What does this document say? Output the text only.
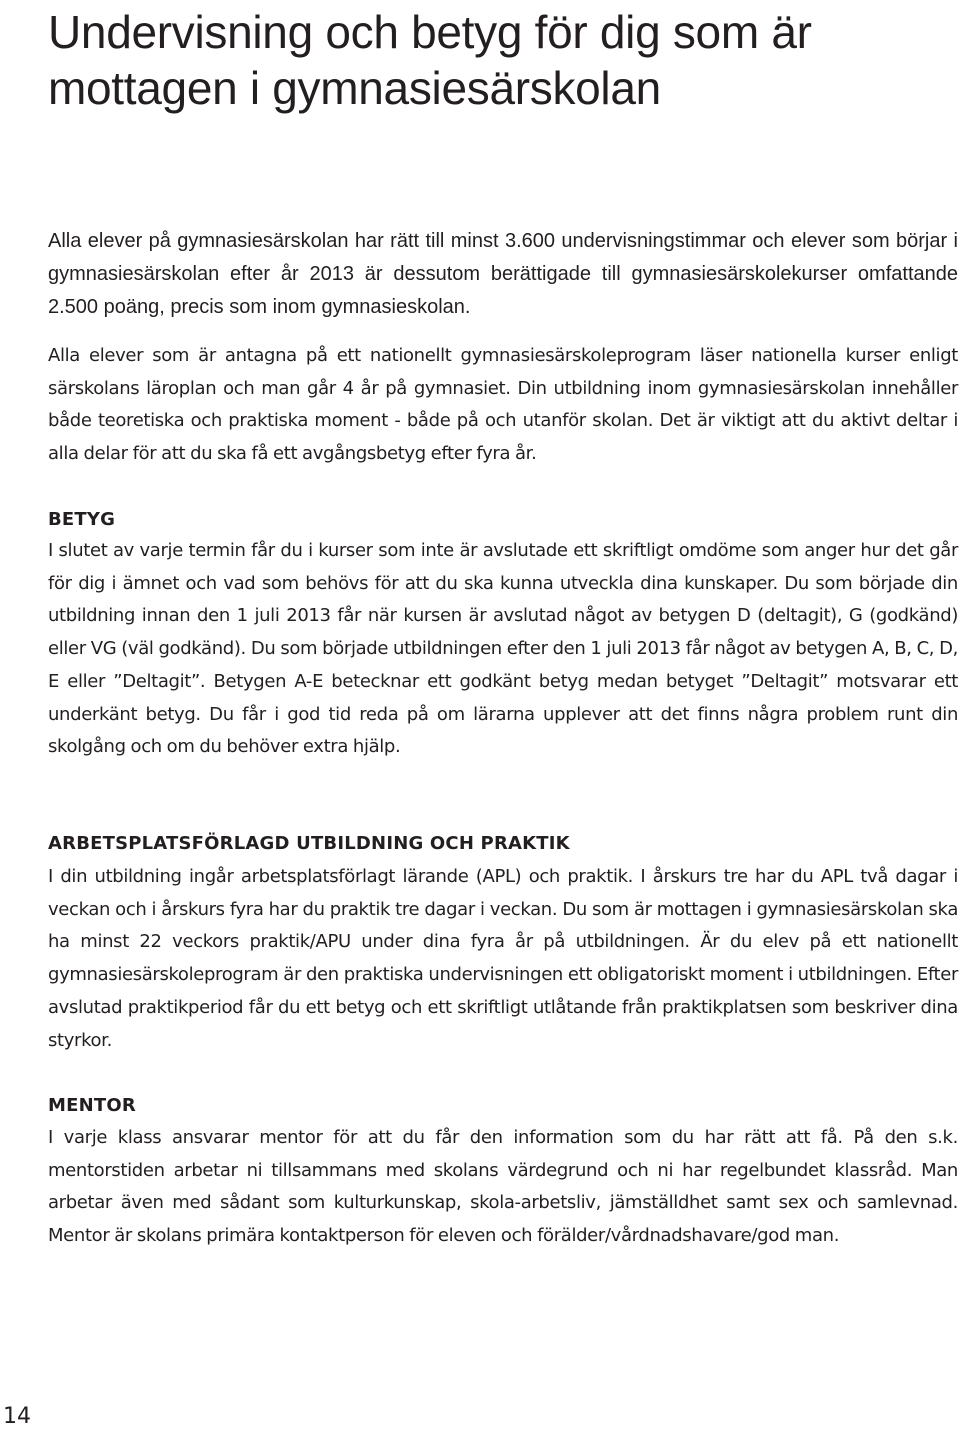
Undervisning och betyg för dig som är mottagen i gymnasiesärskolan

Alla elever på gymnasiesärskolan har rätt till minst 3.600 undervisningstimmar och elever som börjar i gymnasiesärskolan efter år 2013 är dessutom berättigade till gymnasiesärskolekurser omfattande 2.500 poäng, precis som inom gymnasieskolan.

Alla elever som är antagna på ett nationellt gymnasiesärskoleprogram läser nationella kurser enligt särskolans läroplan och man går 4 år på gymnasiet. Din utbildning inom gymnasiesärskolan innehåller både teoretiska och praktiska moment - både på och utanför skolan. Det är viktigt att du aktivt deltar i alla delar för att du ska få ett avgångsbetyg efter fyra år.

BETYG

I slutet av varje termin får du i kurser som inte är avslutade ett skriftligt omdöme som anger hur det går för dig i ämnet och vad som behövs för att du ska kunna utveckla dina kunskaper. Du som började din utbildning innan den 1 juli 2013 får när kursen är avslutad något av betygen D (deltagit), G (godkänd) eller VG (väl godkänd). Du som började utbildningen efter den 1 juli 2013 får något av betygen A, B, C, D, E eller ”Deltagit”. Betygen A-E betecknar ett godkänt betyg medan betyget ”Deltagit” motsvarar ett underkänt betyg. Du får i god tid reda på om lärarna upplever att det finns några problem runt din skolgång och om du behöver extra hjälp.

ARBETSPLATSFÖRLAGD UTBILDNING OCH PRAKTIK

I din utbildning ingår arbetsplatsförlagt lärande (APL) och praktik. I årskurs tre har du APL två dagar i veckan och i årskurs fyra har du praktik tre dagar i veckan. Du som är mottagen i gymnasiesärskolan ska ha minst 22 veckors praktik/APU under dina fyra år på utbildningen. Är du elev på ett nationellt gymnasiesärskoleprogram är den praktiska undervisningen ett obligatoriskt moment i utbildningen. Efter avslutad praktikperiod får du ett betyg och ett skriftligt utlåtande från praktikplatsen som beskriver dina styrkor.

MENTOR

I varje klass ansvarar mentor för att du får den information som du har rätt att få. På den s.k. mentorstiden arbetar ni tillsammans med skolans värdegrund och ni har regelbundet klassråd. Man arbetar även med sådant som kulturkunskap, skola-arbetsliv, jämställdhet samt sex och samlevnad. Mentor är skolans primära kontaktperson för eleven och förälder/​vårdnadshavare/god man.

14
